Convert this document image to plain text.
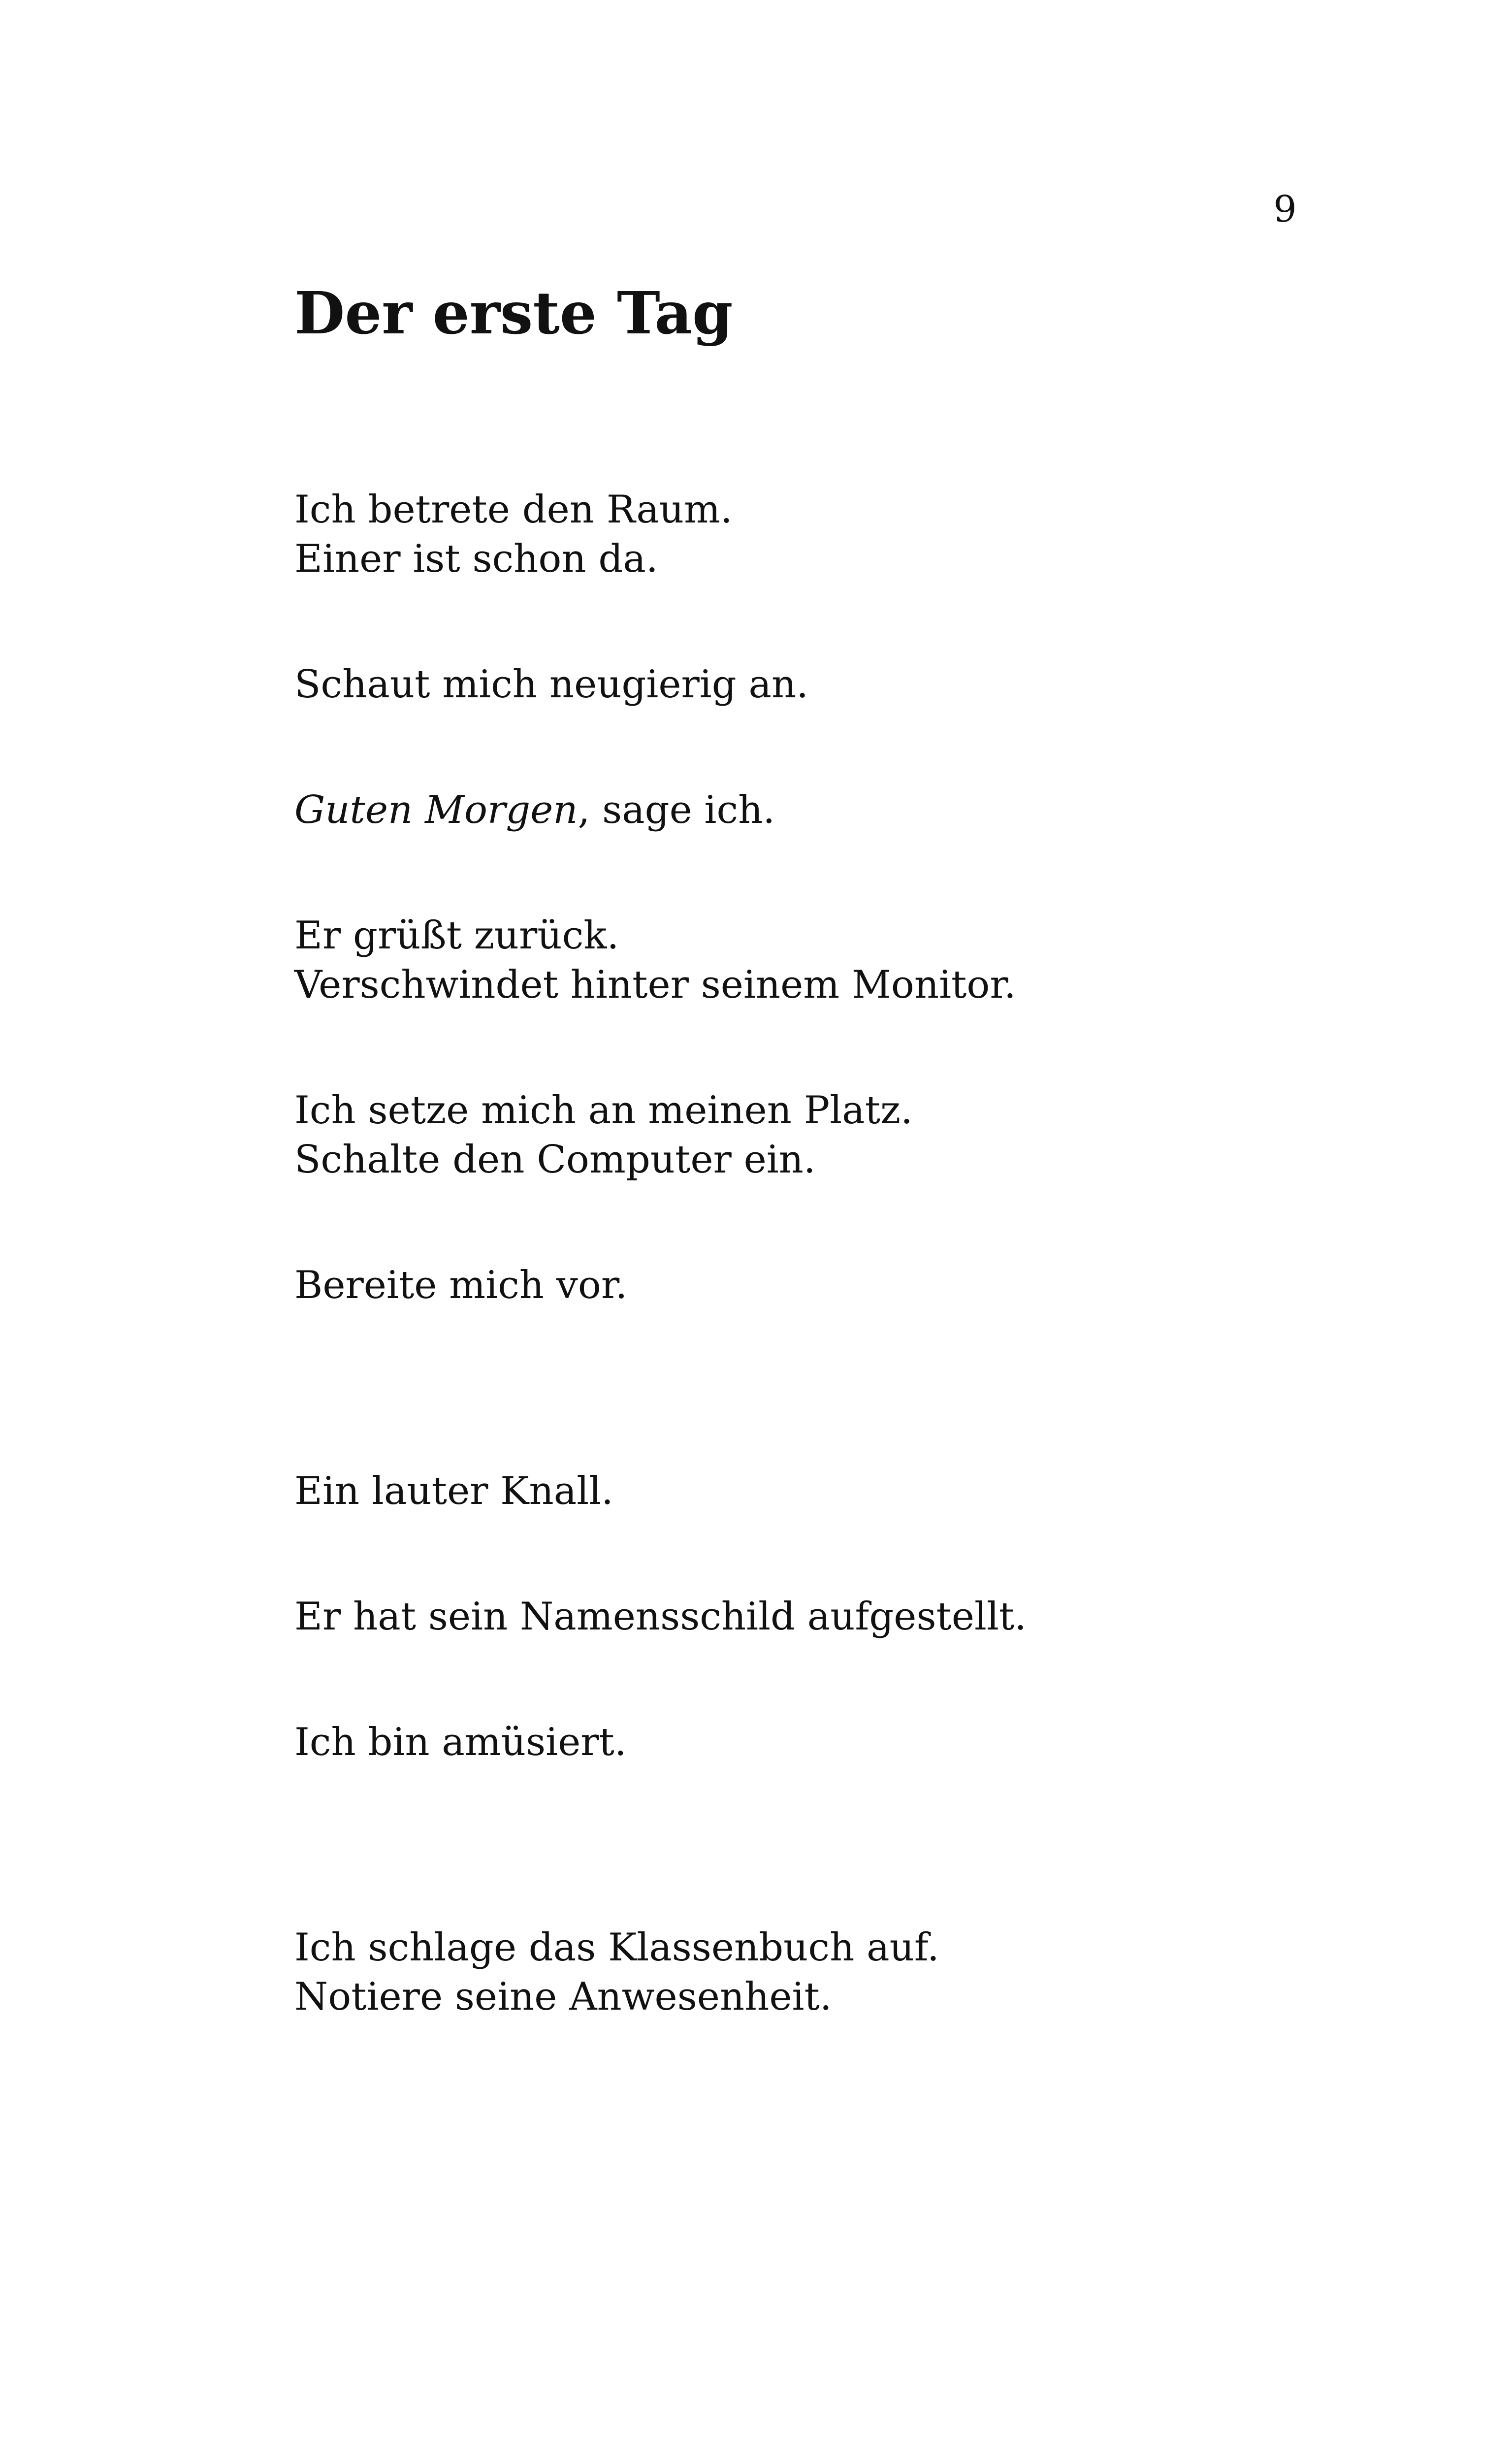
9
Der erste Tag

Ich betrete den Raum.
Einer ist schon da.

Schaut mich neugierig an.

Guten Morgen, sage ich.

Er grüßt zurück.
Verschwindet hinter seinem Monitor.

Ich setze mich an meinen Platz.
Schalte den Computer ein.

Bereite mich vor.

Ein lauter Knall.

Er hat sein Namensschild aufgestellt.

Ich bin amüsiert.

Ich schlage das Klassenbuch auf.
Notiere seine Anwesenheit.
